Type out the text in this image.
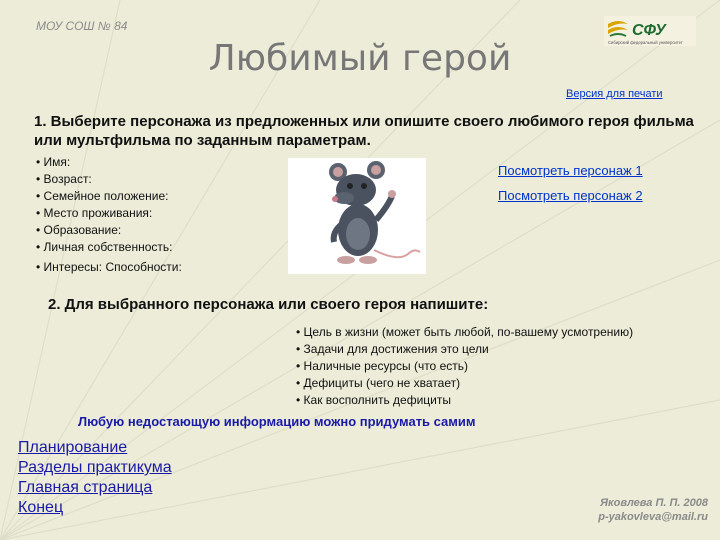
МОУ СОШ № 84	СФУ
Сибирский федеральный университет
Любимый герой
Версия для печати
1. Выберите персонажа из предложенных или опишите своего любимого героя фильма или мультфильма по заданным параметрам.
• Имя:
• Возраст:
• Семейное положение:
• Место проживания:
• Образование:
• Личная собственность:
• Интересы: Способности:
Посмотреть персонаж 1
Посмотреть персонаж 2
2. Для выбранного персонажа или своего героя напишите:
• Цель в жизни (может быть любой, по-вашему усмотрению)
• Задачи для достижения это цели
• Наличные ресурсы (что есть)
• Дефициты (чего не хватает)
• Как восполнить дефициты
Любую недостающую информацию можно придумать самим
Планирование
Разделы практикума
Главная страница
Конец	Яковлева П. П. 2008
p-yakovleva@mail.ru
